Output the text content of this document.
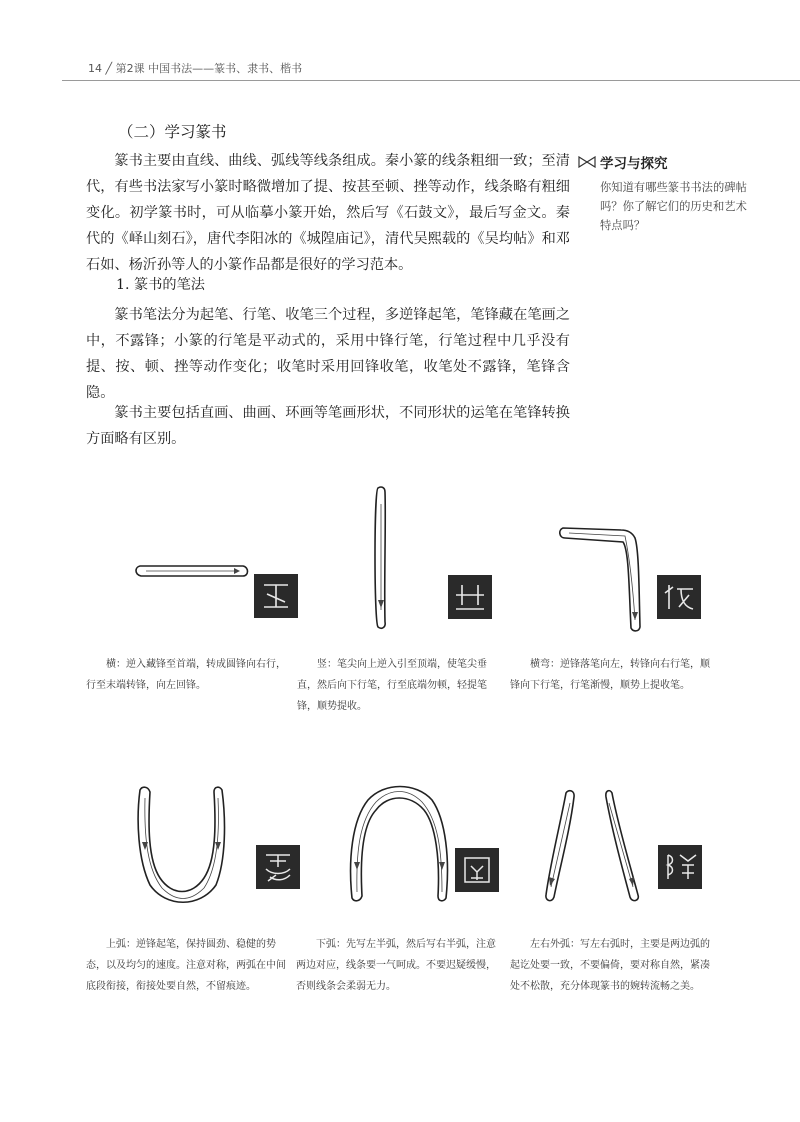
14 ╱ 第2课 中国书法——篆书、隶书、楷书
（二）学习篆书

篆书主要由直线、曲线、弧线等线条组成。秦小篆的线条粗细一致；至清代，有些书法家写小篆时略微增加了提、按甚至顿、挫等动作，线条略有粗细变化。初学篆书时，可从临摹小篆开始，然后写《石鼓文》，最后写金文。秦代的《峄山刻石》，唐代李阳冰的《城隍庙记》，清代吴熙载的《吴均帖》和邓石如、杨沂孙等人的小篆作品都是很好的学习范本。

1. 篆书的笔法

篆书笔法分为起笔、行笔、收笔三个过程，多逆锋起笔，笔锋藏在笔画之中，不露锋；小篆的行笔是平动式的，采用中锋行笔，行笔过程中几乎没有提、按、顿、挫等动作变化；收笔时采用回锋收笔，收笔处不露锋，笔锋含隐。

篆书主要包括直画、曲画、环画等笔画形状，不同形状的运笔在笔锋转换方面略有区别。

学习与探究
你知道有哪些篆书书法的碑帖吗？你了解它们的历史和艺术特点吗？
横：逆入藏锋至首端，转成圆锋向右行，行至末端转锋，向左回锋。
竖：笔尖向上逆入引至顶端，使笔尖垂直，然后向下行笔，行至底端勿顿，轻提笔锋，顺势提收。
横弯：逆锋落笔向左，转锋向右行笔，顺锋向下行笔，行笔渐慢，顺势上提收笔。
上弧：逆锋起笔，保持圆劲、稳健的势态，以及均匀的速度。注意对称，两弧在中间底段衔接，衔接处要自然，不留痕迹。
下弧：先写左半弧，然后写右半弧，注意两边对应，线条要一气呵成。不要迟疑缓慢，否则线条会柔弱无力。
左右外弧：写左右弧时，主要是两边弧的起讫处要一致，不要偏倚，要对称自然，紧凑处不松散，充分体现篆书的婉转流畅之美。
